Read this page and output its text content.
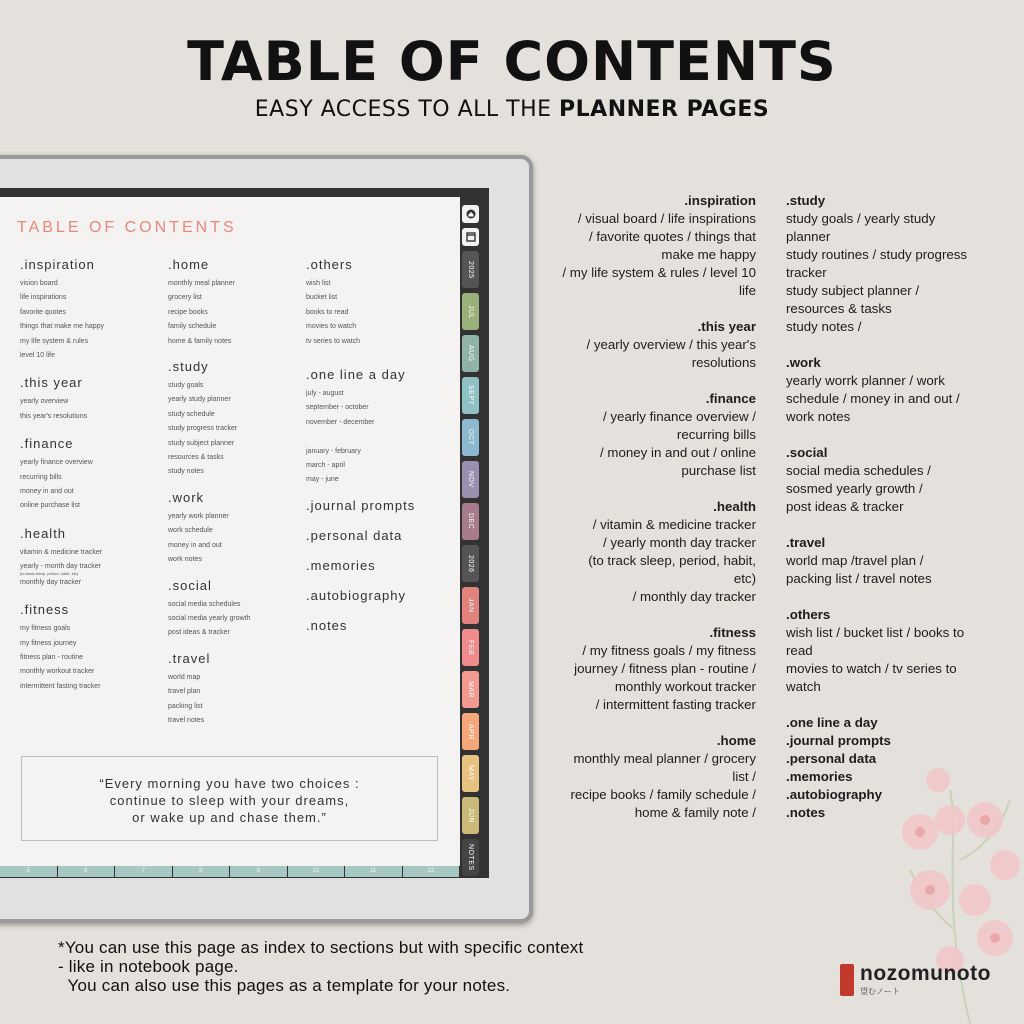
TABLE OF CONTENTS
EASY ACCESS TO ALL THE PLANNER PAGES
TABLE OF CONTENTS
.inspiration
vision board
life inspirations
favorite quotes
things that make me happy
my life system & rules
level 10 life
.this year
yearly overview
this year's resolutions
.finance
yearly finance overview
recurring bills
money in and out
online purchase list
.health
vitamin & medicine tracker
yearly - month day tracker
(to track sleep, period, habit, etc)
monthly day tracker
.fitness
my fitness goals
my fitness journey
fitness plan - routine
monthly workout tracker
intermittent fasting tracker
.home
monthly meal planner
grocery list
recipe books
family schedule
home & family notes
.study
study goals
yearly study planner
study schedule
study progress tracker
study subject planner
resources & tasks
study notes
.work
yearly work planner
work schedule
money in and out
work notes
.social
social media schedules
social media yearly growth
post ideas & tracker
.travel
world map
travel plan
packing list
travel notes
.others
wish list
bucket list
books to read
movies to watch
tv series to watch
.one line a day
july - august
september - october
november - december

january - february
march - april
may - june
.journal prompts
.personal data
.memories
.autobiography
.notes
“Every morning you have two choices :
continue to sleep with your dreams,
or wake up and chase them.”
5	6	7	8	9	10	11	12
2025
JUL
AUG
SEPT
OCT
NOV
DEC
2026
JAN
FEB
MAR
APR
MAY
JUN
NOTES
.inspiration
/ visual board / life inspirations
/ favorite quotes / things that
make me happy
/ my life system & rules / level 10
life
.this year
/ yearly overview / this year's
resolutions
.finance
/ yearly finance overview /
recurring bills
/ money in and out / online
purchase list
.health
/ vitamin & medicine tracker
/ yearly month day tracker
(to track sleep, period, habit,
etc)
/ monthly day tracker
.fitness
/ my fitness goals / my fitness
journey / fitness plan - routine /
monthly workout tracker
/ intermittent fasting tracker
.home
monthly meal planner / grocery
list /
recipe books / family schedule /
home & family note /
.study
study goals / yearly study
planner
study routines / study progress
tracker
study subject planner /
resources & tasks
study notes /
.work
yearly worrk planner / work
schedule / money in and out /
work notes
.social
social media schedules /
sosmed yearly growth /
post ideas & tracker
.travel
world map /travel plan /
packing list / travel notes
.others
wish list / bucket list / books to
read
movies to watch / tv series to
watch
.one line a day
.journal prompts
.personal data
.memories
.autobiography
.notes
*You can use this page as index to sections but with specific context
- like in notebook page.
You can also use this pages as a template for your notes.
nozomunoto
望むノート
